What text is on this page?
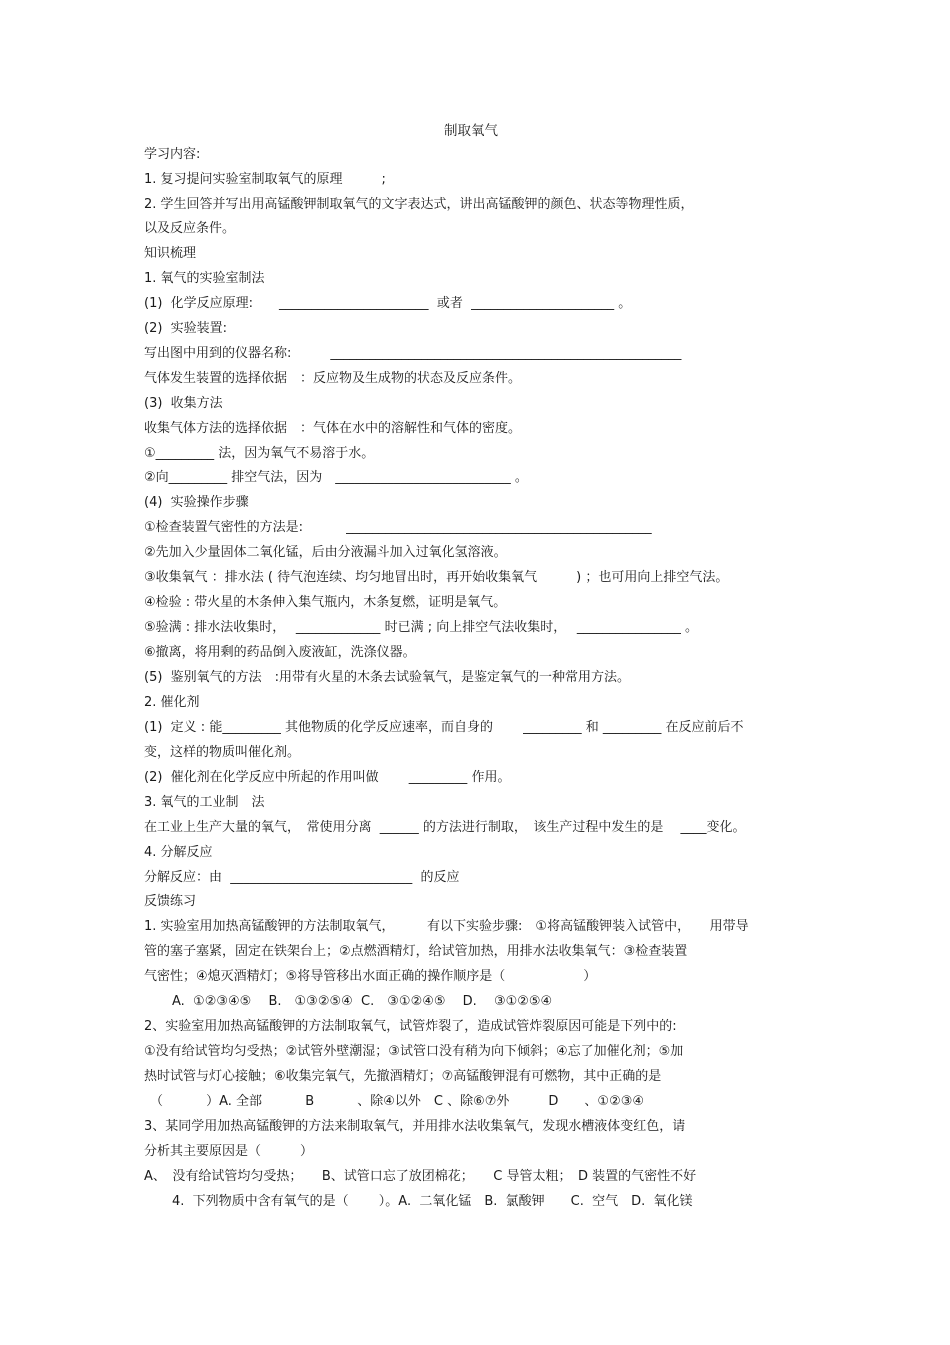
制取氧气
学习内容:
1. 复习提问实验室制取氧气的原理　　　;
2. 学生回答并写出用高锰酸钾制取氧气的文字表达式，讲出高锰酸钾的颜色、状态等物理性质，
以及反应条件。
知识梳理
1. 氧气的实验室制法
(1)  化学反应原理:　　_______________________  或者  ______________________ 。
(2)  实验装置:
写出图中用到的仪器名称:　　　______________________________________________________
气体发生装置的选择依据　：反应物及生成物的状态及反应条件。
(3)  收集方法
收集气体方法的选择依据　：气体在水中的溶解性和气体的密度。
①_________ 法，因为氧气不易溶于水。
②向_________ 排空气法，因为　___________________________ 。
(4)  实验操作步骤
①检查装置气密性的方法是:　　　 _______________________________________________
②先加入少量固体二氧化锰，后由分液漏斗加入过氧化氢溶液。
③收集氧气 ：排水法 ( 待气泡连续、均匀地冒出时，再开始收集氧气　　　) ；也可用向上排空气法。
④检验 : 带火星的木条伸入集气瓶内，木条复燃，证明是氧气。
⑤验满 : 排水法收集时，　 _____________ 时已满 ; 向上排空气法收集时，　 ________________ 。
⑥撤离，将用剩的药品倒入废液缸，洗涤仪器。
(5)  鉴别氧气的方法　:用带有火星的木条去试验氧气，是鉴定氧气的一种常用方法。
2. 催化剂
(1)  定义 : 能_________ 其他物质的化学反应速率，而自身的　　 _________ 和 _________ 在反应前后不
变，这样的物质叫催化剂。
(2)  催化剂在化学反应中所起的作用叫做　　 _________ 作用。
3. 氧气的工业制　法
在工业上生产大量的氧气，　常使用分离  ______ 的方法进行制取，　该生产过程中发生的是　 ____变化。
4. 分解反应
分解反应：由  ____________________________  的反应
反馈练习
1. 实验室用加热高锰酸钾的方法制取氧气，　　　有以下实验步骤:　①将高锰酸钾装入试管中，　　用带导
管的塞子塞紧，固定在铁架台上；②点燃酒精灯，给试管加热，用排水法收集氧气：③检查装置
气密性；④熄灭酒精灯；⑤将导管移出水面正确的操作顺序是（　　　　　　）
A.  ①②③④⑤　 B.　①③②⑤④  C.　③①②④⑤　 D.　 ③①②⑤④
2、实验室用加热高锰酸钾的方法制取氧气，试管炸裂了，造成试管炸裂原因可能是下列中的:
①没有给试管均匀受热；②试管外壁潮湿；③试管口没有稍为向下倾斜；④忘了加催化剂；⑤加
热时试管与灯心接触；⑥收集完氧气，先撤酒精灯；⑦高锰酸钾混有可燃物，其中正确的是
（　　　 ）A. 全部　　　 B　　　 、除④以外　C 、除⑥⑦外　　　D　　、①②③④
3、某同学用加热高锰酸钾的方法来制取氧气，并用排水法收集氧气，发现水槽液体变红色，请
分析其主要原因是（　　　）
A、　没有给试管均匀受热；　　B、试管口忘了放团棉花；　　C 导管太粗；　D 装置的气密性不好
4.  下列物质中含有氧气的是（　　 ）。A.  二氧化锰　B.  氯酸钾　　C.  空气　D.  氧化镁
